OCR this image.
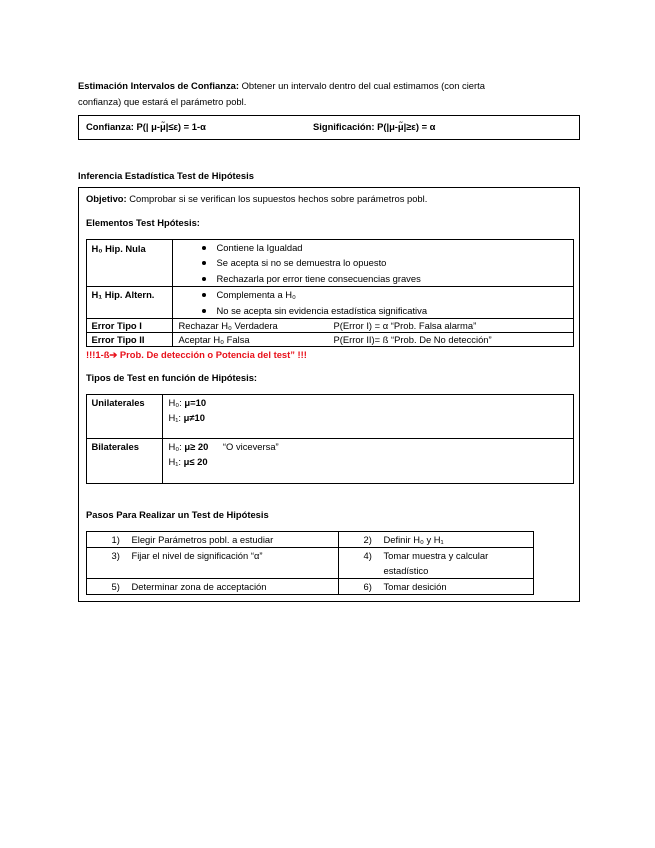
Estimación Intervalos de Confianza: Obtener un intervalo dentro del cual estimamos (con cierta
confianza) que estará el parámetro pobl.
Confianza: P(| μ-μ̃|≤ε) = 1-α	Significación: P(|μ-μ̃|≥ε) = α
Inferencia Estadística Test de Hipótesis
Objetivo: Comprobar si se verifican los supuestos hechos sobre parámetros pobl.
Elementos Test Hpótesis:
H₀ Hip. Nula	Contiene la Igualdad
Se acepta si no se demuestra lo opuesto
Rechazarla por error tiene consecuencias graves

H₁ Hip. Altern.	Complementa a H₀
No se acepta sin evidencia estadística significativa

Error Tipo I	Rechazar H₀ Verdadera P(Error I) = α “Prob. Falsa alarma”
Error Tipo II	Aceptar H₀ Falsa P(Error II)= ß “Prob. De No detección”
!!!1-ß➔ Prob. De detección o Potencia del test” !!!
Tipos de Test en función de Hipótesis:
Unilaterales	H₀: μ=10
H₁: μ≠10

Bilaterales	H₀: μ≥ 20 “O viceversa”
H₁: μ≤ 20
Pasos Para Realizar un Test de Hipótesis
1) Elegir Parámetros pobl. a estudiar	2) Definir H₀ y H₁

3) Fijar el nivel de significación “α”	4) Tomar muestra y calcular estadístico

5) Determinar zona de acceptación	6) Tomar desición
